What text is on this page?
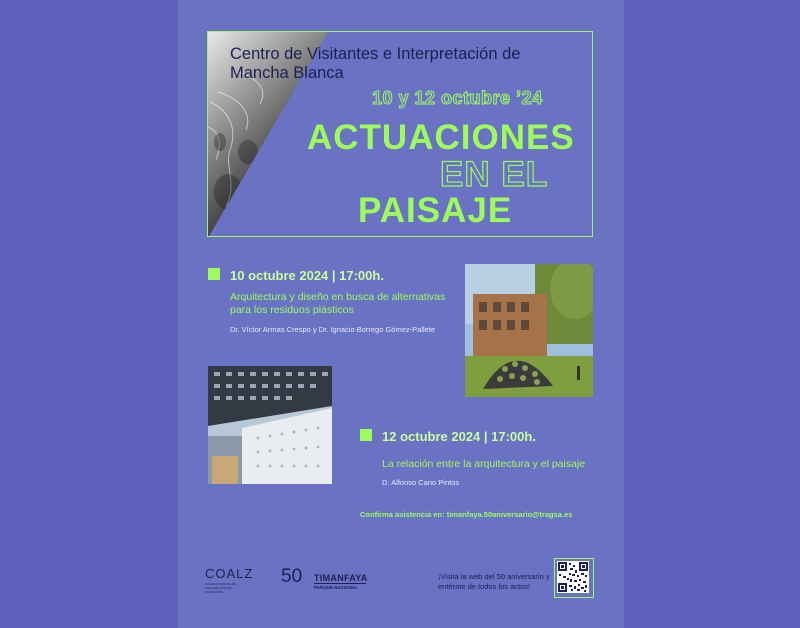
Centro de Visitantes e Interpretación de Mancha Blanca
10 y 12 octubre ’24
ACTUACIONES
EN EL
PAISAJE
10 octubre 2024 | 17:00h.
Arquitectura y diseño en busca de alternativas para los residuos plásticos
Dr. Víctor Armas Crespo y Dr. Ignacio Borrego Gómez-Pallete
12 octubre 2024 | 17:00h.
La relación entre la arquitectura y el paisaje
D. Alfonso Cano Pintos
Confirma asistencia en: timanfaya.50aniversario@tragsa.es
COALZ
COLEGIO OFICIAL DE ARQUITECTOS DE LANZAROTE
50 TIMANFAYA
PARQUE NACIONAL
¡Visita la web del 50 aniversario y entérate de todos los actos!
